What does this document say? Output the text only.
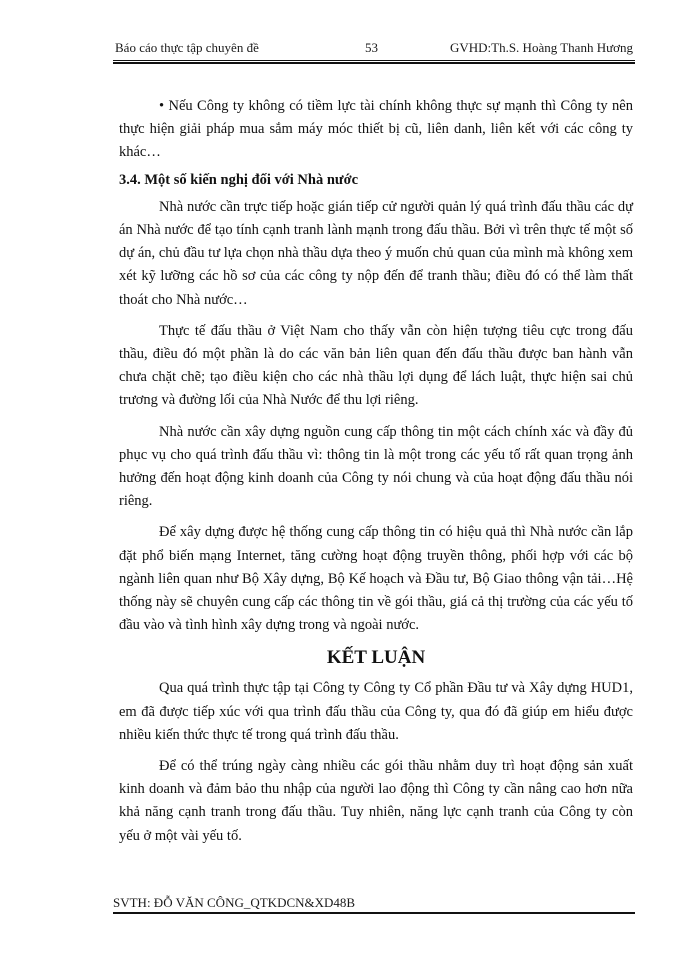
Báo cáo thực tập chuyên đề	53	GVHD:Th.S. Hoàng Thanh Hương

• Nếu Công ty không có tiềm lực tài chính không thực sự mạnh thì Công ty nên thực hiện giải pháp mua sắm máy móc thiết bị cũ, liên danh, liên kết với các công ty khác…

3.4. Một số kiến nghị đối với Nhà nước

Nhà nước cần trực tiếp hoặc gián tiếp cử người quản lý quá trình đấu thầu các dự án Nhà nước để tạo tính cạnh tranh lành mạnh trong đấu thầu. Bởi vì trên thực tế một số dự án, chủ đầu tư lựa chọn nhà thầu dựa theo ý muốn chủ quan của mình mà không xem xét kỹ lưỡng các hồ sơ của các công ty nộp đến để tranh thầu; điều đó có thể làm thất thoát cho Nhà nước…

Thực tế đấu thầu ở Việt Nam cho thấy vẫn còn hiện tượng tiêu cực trong đấu thầu, điều đó một phần là do các văn bản liên quan đến đấu thầu được ban hành vẫn chưa chặt chẽ; tạo điều kiện cho các nhà thầu lợi dụng để lách luật, thực hiện sai chủ trương và đường lối của Nhà Nước để thu lợi riêng.

Nhà nước cần xây dựng nguồn cung cấp thông tin một cách chính xác và đầy đủ phục vụ cho quá trình đấu thầu vì: thông tin là một trong các yếu tố rất quan trọng ảnh hưởng đến hoạt động kinh doanh của Công ty nói chung và của hoạt động đấu thầu nói riêng.

Để xây dựng được hệ thống cung cấp thông tin có hiệu quả thì Nhà nước cần lắp đặt phổ biến mạng Internet, tăng cường hoạt động truyền thông, phối hợp với các bộ ngành liên quan như Bộ Xây dựng, Bộ Kế hoạch và Đầu tư, Bộ Giao thông vận tải…Hệ thống này sẽ chuyên cung cấp các thông tin về gói thầu, giá cả thị trường của các yếu tố đầu vào và tình hình xây dựng trong và ngoài nước.

KẾT LUẬN

Qua quá trình thực tập tại Công ty Công ty Cổ phần Đầu tư và Xây dựng HUD1, em đã được tiếp xúc với qua trình đấu thầu của Công ty, qua đó đã giúp em hiểu được nhiều kiến thức thực tế trong quá trình đấu thầu.

Để có thể trúng ngày càng nhiều các gói thầu nhằm duy trì hoạt động sản xuất kinh doanh và đảm bảo thu nhập của người lao động thì Công ty cần nâng cao hơn nữa khả năng cạnh tranh trong đấu thầu. Tuy nhiên, năng lực cạnh tranh của Công ty còn yếu ở một vài yếu tố.

SVTH: ĐỖ VĂN CÔNG_QTKDCN&XD48B
